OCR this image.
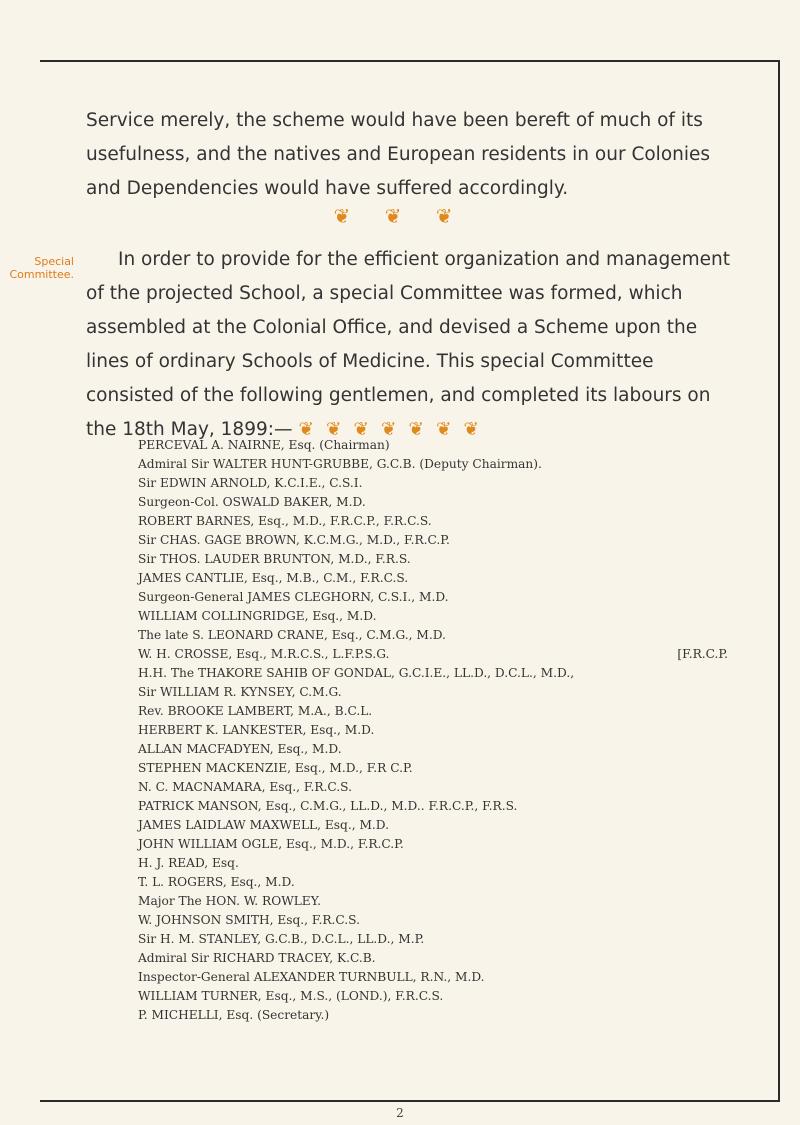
Service merely, the scheme would have been bereft of much of its usefulness, and the natives and European residents in our Colonies and Dependencies would have suffered accordingly.

❦ ❦ ❦
Special Committee.

In order to provide for the efficient organization and management of the projected School, a special Committee was formed, which assembled at the Colonial Office, and devised a Scheme upon the lines of ordinary Schools of Medicine. This special Committee consisted of the following gentlemen, and completed its labours on the 18th May, 1899:— ❦❦❦❦❦❦❦

PERCEVAL A. NAIRNE, Esq. (Chairman)
Admiral Sir WALTER HUNT-GRUBBE, G.C.B. (Deputy Chairman).
Sir EDWIN ARNOLD, K.C.I.E., C.S.I.
Surgeon-Col. OSWALD BAKER, M.D.
ROBERT BARNES, Esq., M.D., F.R.C.P., F.R.C.S.
Sir CHAS. GAGE BROWN, K.C.M.G., M.D., F.R.C.P.
Sir THOS. LAUDER BRUNTON, M.D., F.R.S.
JAMES CANTLIE, Esq., M.B., C.M., F.R.C.S.
Surgeon-General JAMES CLEGHORN, C.S.I., M.D.
WILLIAM COLLINGRIDGE, Esq., M.D.
The late S. LEONARD CRANE, Esq., C.M.G., M.D.
W. H. CROSSE, Esq., M.R.C.S., L.F.P.S.G.	[F.R.C.P.
H.H. The THAKORE SAHIB OF GONDAL, G.C.I.E., LL.D., D.C.L., M.D.,
Sir WILLIAM R. KYNSEY, C.M.G.
Rev. BROOKE LAMBERT, M.A., B.C.L.
HERBERT K. LANKESTER, Esq., M.D.
ALLAN MACFADYEN, Esq., M.D.
STEPHEN MACKENZIE, Esq., M.D., F.R C.P.
N. C. MACNAMARA, Esq., F.R.C.S.
PATRICK MANSON, Esq., C.M.G., LL.D., M.D.. F.R.C.P., F.R.S.
JAMES LAIDLAW MAXWELL, Esq., M.D.
JOHN WILLIAM OGLE, Esq., M.D., F.R.C.P.
H. J. READ, Esq.
T. L. ROGERS, Esq., M.D.
Major The HON. W. ROWLEY.
W. JOHNSON SMITH, Esq., F.R.C.S.
Sir H. M. STANLEY, G.C.B., D.C.L., LL.D., M.P.
Admiral Sir RICHARD TRACEY, K.C.B.
Inspector-General ALEXANDER TURNBULL, R.N., M.D.
WILLIAM TURNER, Esq., M.S., (LOND.), F.R.C.S.
P. MICHELLI, Esq. (Secretary.)
2
